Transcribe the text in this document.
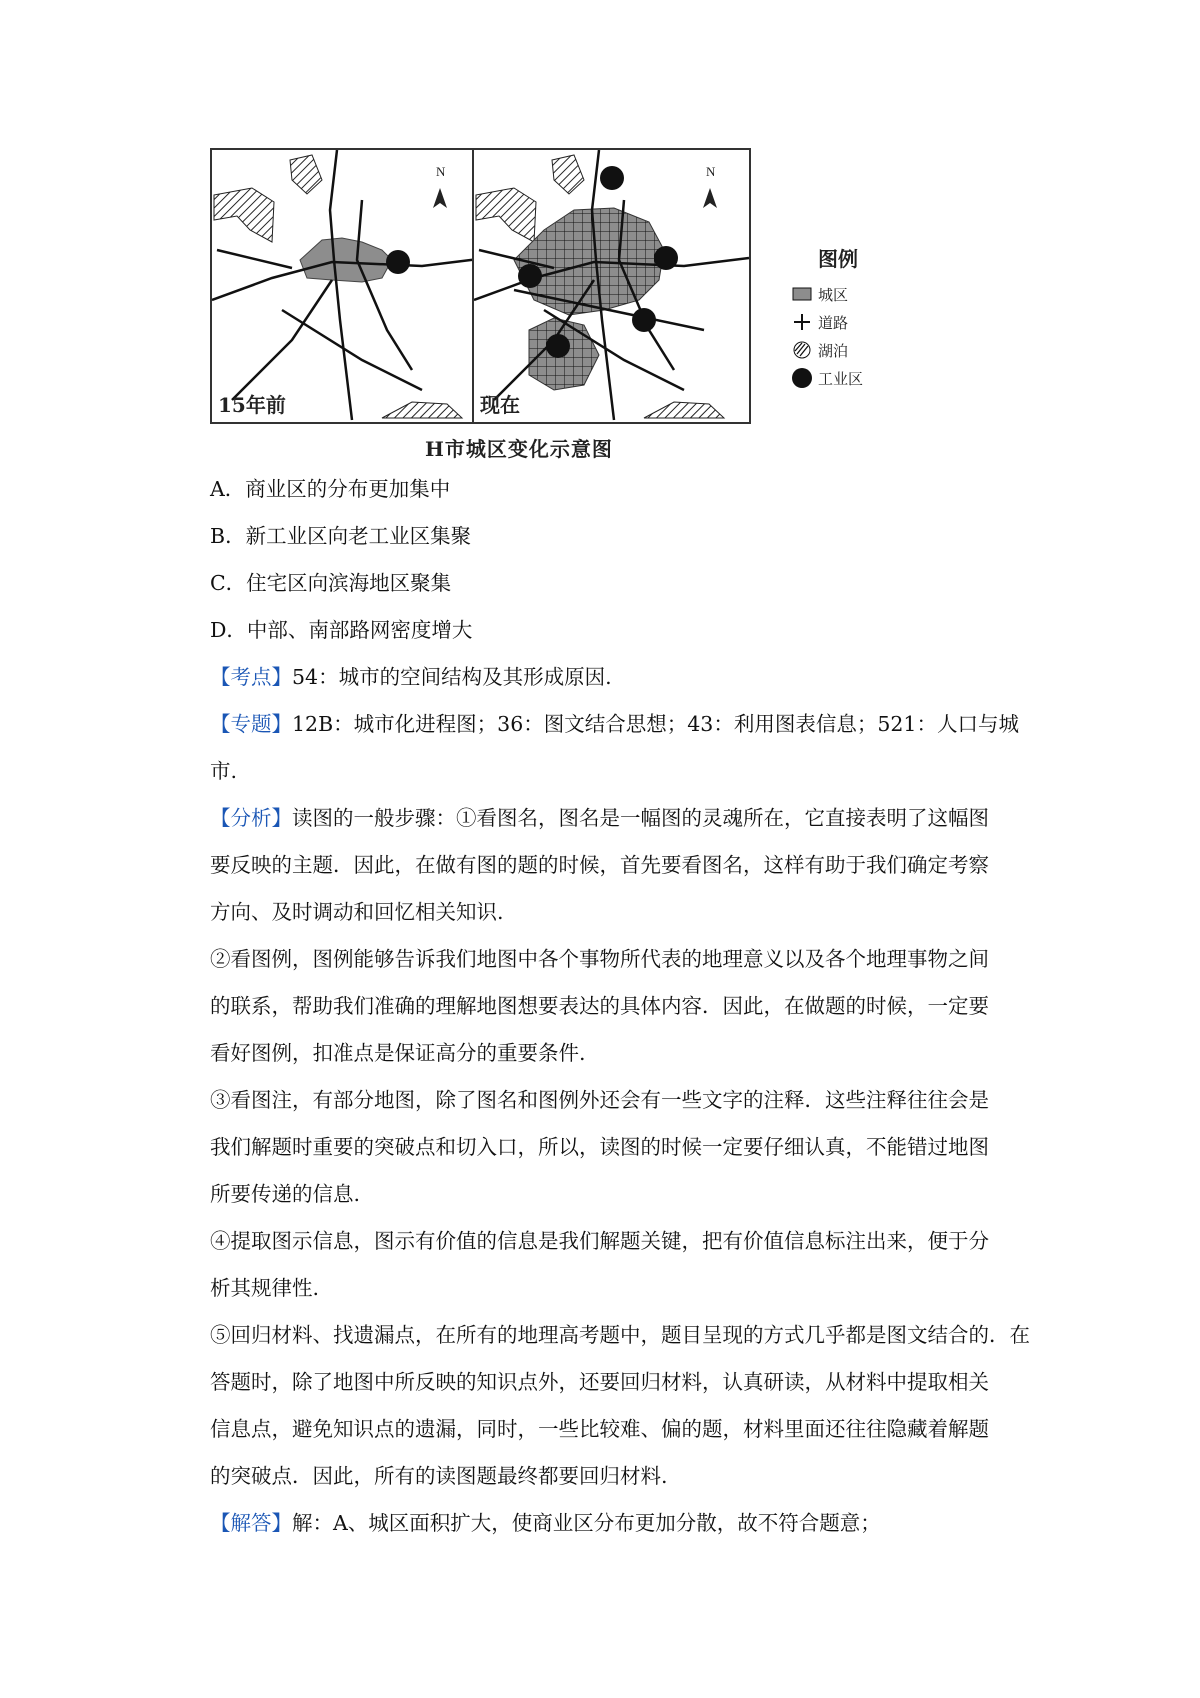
N
15年前
N
现在
H市城区变化示意图
图例
城区
道路
湖泊
工业区
A．商业区的分布更加集中
B．新工业区向老工业区集聚
C．住宅区向滨海地区聚集
D．中部、南部路网密度增大
【考点】54：城市的空间结构及其形成原因.
【专题】12B：城市化进程图；36：图文结合思想；43：利用图表信息；521：人口与城
市.
【分析】读图的一般步骤：①看图名，图名是一幅图的灵魂所在，它直接表明了这幅图
要反映的主题．因此，在做有图的题的时候，首先要看图名，这样有助于我们确定考察
方向、及时调动和回忆相关知识.
②看图例，图例能够告诉我们地图中各个事物所代表的地理意义以及各个地理事物之间
的联系，帮助我们准确的理解地图想要表达的具体内容．因此，在做题的时候，一定要
看好图例，扣准点是保证高分的重要条件.
③看图注，有部分地图，除了图名和图例外还会有一些文字的注释．这些注释往往会是
我们解题时重要的突破点和切入口，所以，读图的时候一定要仔细认真，不能错过地图
所要传递的信息.
④提取图示信息，图示有价值的信息是我们解题关键，把有价值信息标注出来，便于分
析其规律性.
⑤回归材料、找遗漏点，在所有的地理高考题中，题目呈现的方式几乎都是图文结合的．在
答题时，除了地图中所反映的知识点外，还要回归材料，认真研读，从材料中提取相关
信息点，避免知识点的遗漏，同时，一些比较难、偏的题，材料里面还往往隐藏着解题
的突破点．因此，所有的读图题最终都要回归材料.
【解答】解：A、城区面积扩大，使商业区分布更加分散，故不符合题意；
